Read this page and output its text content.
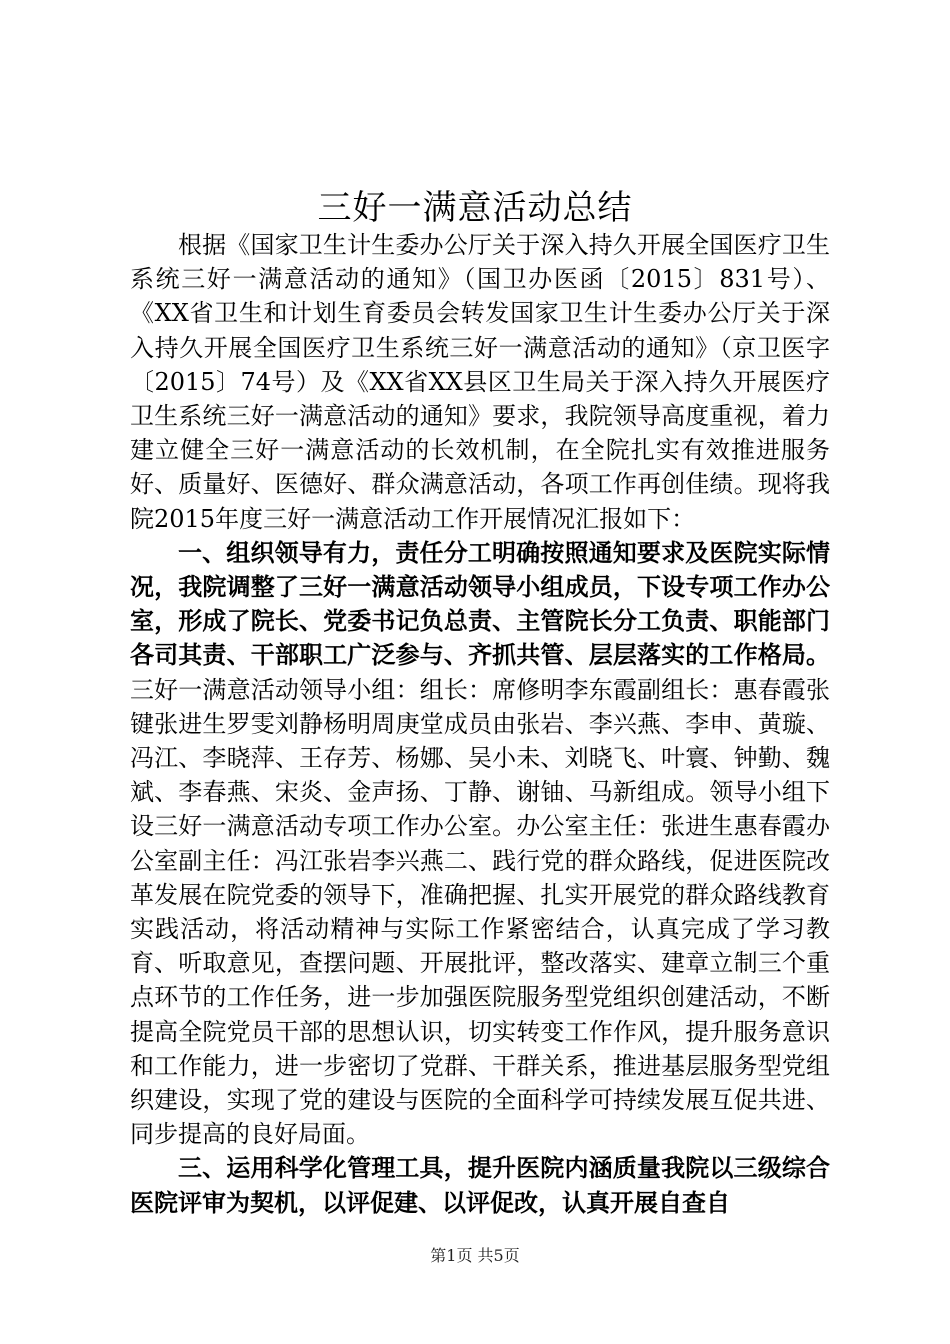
三好一满意活动总结

根据《国家卫生计生委办公厅关于深入持久开展全国医疗卫生系统三好一满意活动的通知》（国卫办医函〔2015〕831号）、《XX省卫生和计划生育委员会转发国家卫生计生委办公厅关于深入持久开展全国医疗卫生系统三好一满意活动的通知》（京卫医字〔2015〕74号）及《XX省XX县区卫生局关于深入持久开展医疗卫生系统三好一满意活动的通知》要求，我院领导高度重视，着力建立健全三好一满意活动的长效机制，在全院扎实有效推进服务好、质量好、医德好、群众满意活动，各项工作再创佳绩。现将我院2015年度三好一满意活动工作开展情况汇报如下：

一、组织领导有力，责任分工明确按照通知要求及医院实际情况，我院调整了三好一满意活动领导小组成员，下设专项工作办公室，形成了院长、党委书记负总责、主管院长分工负责、职能部门各司其责、干部职工广泛参与、齐抓共管、层层落实的工作格局。三好一满意活动领导小组：组长：席修明李东霞副组长：惠春霞张键张进生罗雯刘静杨明周庚堂成员由张岩、李兴燕、李申、黄璇、冯江、李晓萍、王存芳、杨娜、吴小未、刘晓飞、叶寰、钟勤、魏斌、李春燕、宋炎、金声扬、丁静、谢铀、马新组成。领导小组下设三好一满意活动专项工作办公室。办公室主任：张进生惠春霞办公室副主任：冯江张岩李兴燕二、践行党的群众路线，促进医院改革发展在院党委的领导下，准确把握、扎实开展党的群众路线教育实践活动，将活动精神与实际工作紧密结合，认真完成了学习教育、听取意见，查摆问题、开展批评，整改落实、建章立制三个重点环节的工作任务，进一步加强医院服务型党组织创建活动，不断提高全院党员干部的思想认识，切实转变工作作风，提升服务意识和工作能力，进一步密切了党群、干群关系，推进基层服务型党组织建设，实现了党的建设与医院的全面科学可持续发展互促共进、同步提高的良好局面。

三、运用科学化管理工具，提升医院内涵质量我院以三级综合医院评审为契机，以评促建、以评促改，认真开展自查自

第1页 共5页
